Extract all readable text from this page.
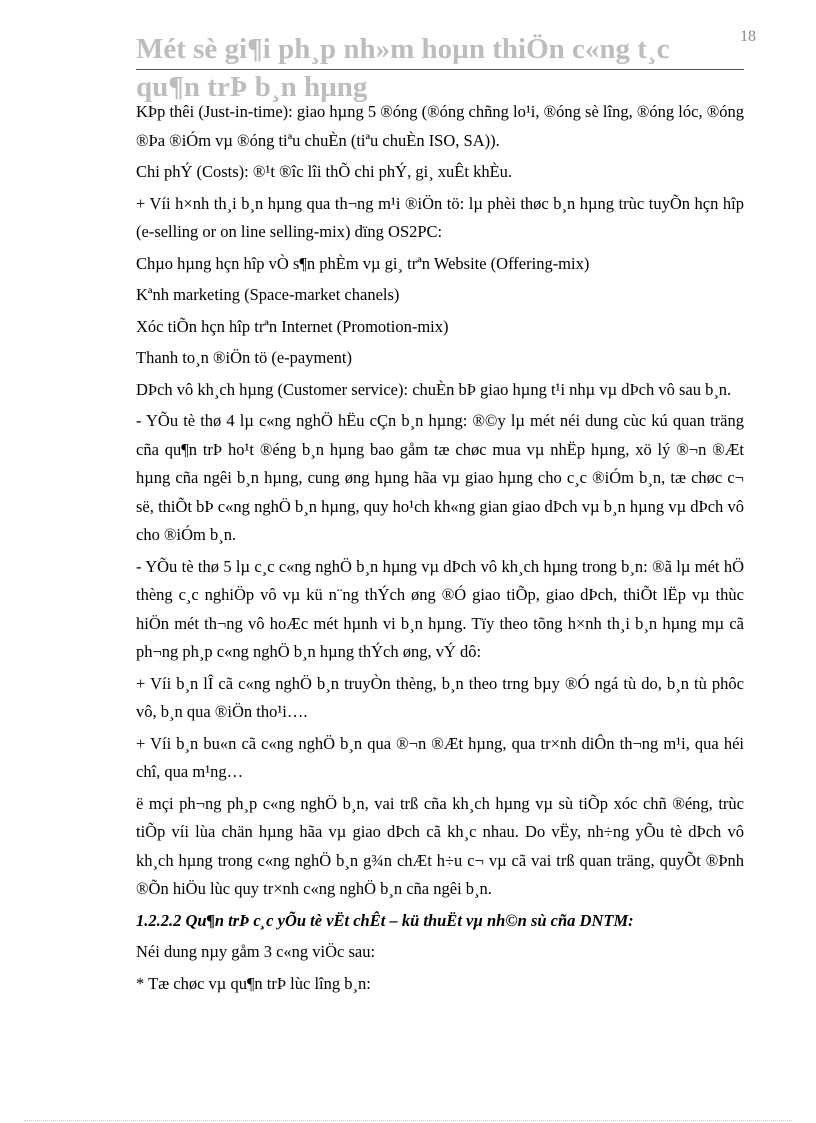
18
Mét sè gi¶i ph¸p nh»m hoµn thiÖn c«ng t¸c qu¶n trÞ b¸n hµng

KÞp thêi (Just-in-time): giao hµng 5 ®óng (®óng chñng lo¹i, ®óng sè lîng, ®óng lóc, ®óng ®Þa ®iÓm vµ ®óng tiªu chuÈn (tiªu chuÈn ISO, SA)).

Chi phÝ (Costs): ®¹t ®îc lîi thÕ chi phÝ, gi¸ xuÊt khÈu.

+ Víi h×nh th¸i b¸n hµng qua th¬ng m¹i ®iÖn tö: lµ phèi thøc b¸n hµng trùc tuyÕn hçn hîp (e-selling or on line selling-mix) dïng OS2PC:

Chµo hµng hçn hîp vÒ s¶n phÈm vµ gi¸ trªn Website (Offering-mix)

Kªnh marketing (Space-market chanels)

Xóc tiÕn hçn hîp trªn Internet (Promotion-mix)

Thanh to¸n ®iÖn tö (e-payment)

DÞch vô kh¸ch hµng (Customer service): chuÈn bÞ giao hµng t¹i nhµ vµ dÞch vô sau b¸n.

- YÕu tè thø 4 lµ c«ng nghÖ hËu cÇn b¸n hµng: ®©y lµ mét néi dung cùc kú quan träng cña qu¶n trÞ ho¹t ®éng b¸n hµng bao gåm tæ chøc mua vµ nhËp hµng, xö lý ®¬n ®Æt hµng cña ngêi b¸n hµng, cung øng hµng hãa vµ giao hµng cho c¸c ®iÓm b¸n, tæ chøc c¬ së, thiÕt bÞ c«ng nghÖ b¸n hµng, quy ho¹ch kh«ng gian giao dÞch vµ b¸n hµng vµ dÞch vô cho ®iÓm b¸n.

- YÕu tè thø 5 lµ c¸c c«ng nghÖ b¸n hµng vµ dÞch vô kh¸ch hµng trong b¸n: ®ã lµ mét hÖ thèng c¸c nghiÖp vô vµ kü n¨ng thÝch øng ®Ó giao tiÕp, giao dÞch, thiÕt lËp vµ thùc hiÖn mét th¬ng vô hoÆc mét hµnh vi b¸n hµng. Tïy theo tõng h×nh th¸i b¸n hµng mµ cã ph¬ng ph¸p c«ng nghÖ b¸n hµng thÝch øng, vÝ dô:

+ Víi b¸n lÎ cã c«ng nghÖ b¸n truyÒn thèng, b¸n theo trng bµy ®Ó ngá tù do, b¸n tù phôc vô, b¸n qua ®iÖn tho¹i….

+ Víi b¸n bu«n cã c«ng nghÖ b¸n qua ®¬n ®Æt hµng, qua tr×nh diÔn th¬ng m¹i, qua héi chî, qua m¹ng…

ë mçi ph¬ng ph¸p c«ng nghÖ b¸n, vai trß cña kh¸ch hµng vµ sù tiÕp xóc chñ ®éng, trùc tiÕp víi lùa chän hµng hãa vµ giao dÞch cã kh¸c nhau. Do vËy, nh÷ng yÕu tè dÞch vô kh¸ch hµng trong c«ng nghÖ b¸n g¾n chÆt h÷u c¬ vµ cã vai trß quan träng, quyÕt ®Þnh ®Õn hiÖu lùc quy tr×nh c«ng nghÖ b¸n cña ngêi b¸n.

1.2.2.2 Qu¶n trÞ c¸c yÕu tè vËt chÊt – kü thuËt vµ nh©n sù cña DNTM:

Néi dung nµy gåm 3 c«ng viÖc sau:

* Tæ chøc vµ qu¶n trÞ lùc lîng b¸n:
